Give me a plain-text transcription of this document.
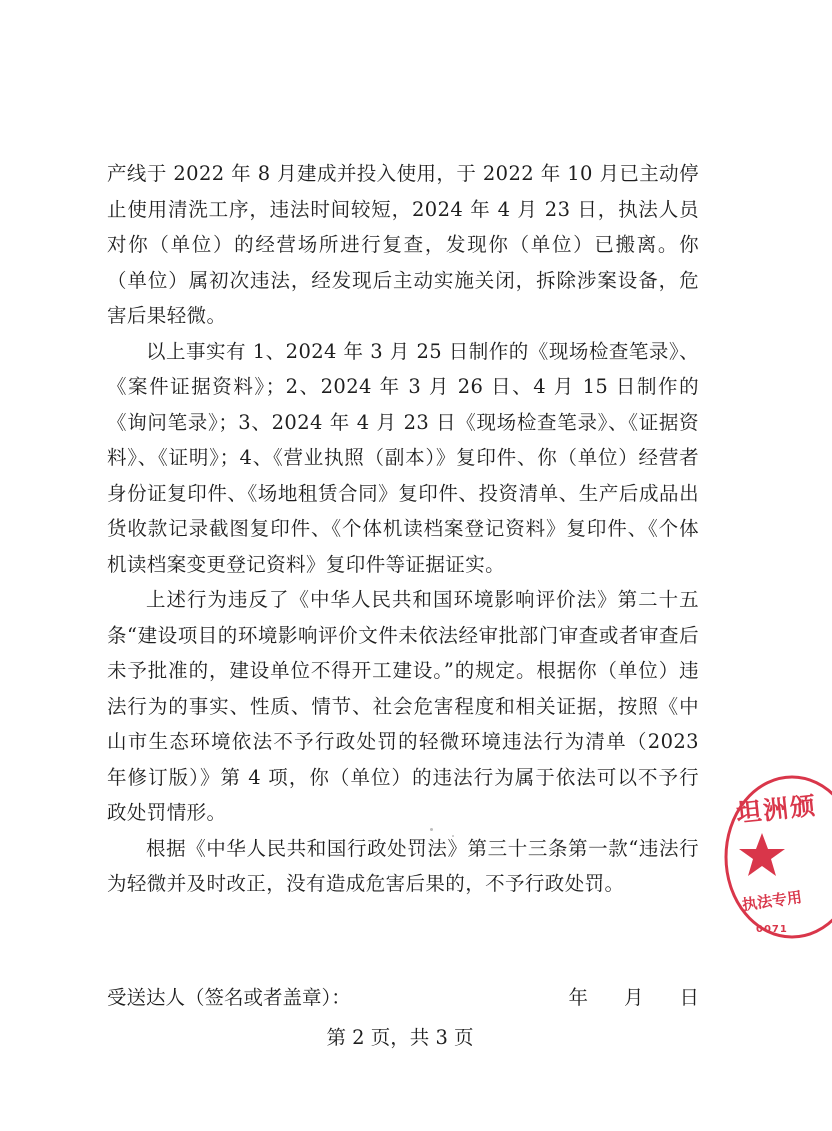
产线于 2022 年 8 月建成并投入使用，于 2022 年 10 月已主动停止使用清洗工序，违法时间较短，2024 年 4 月 23 日，执法人员对你（单位）的经营场所进行复查，发现你（单位）已搬离。你（单位）属初次违法，经发现后主动实施关闭，拆除涉案设备，危害后果轻微。

以上事实有 1、2024 年 3 月 25 日制作的《现场检查笔录》、《案件证据资料》；2、2024 年 3 月 26 日、4 月 15 日制作的《询问笔录》；3、2024 年 4 月 23 日《现场检查笔录》、《证据资料》、《证明》；4、《营业执照（副本）》复印件、你（单位）经营者身份证复印件、《场地租赁合同》复印件、投资清单、生产后成品出货收款记录截图复印件、《个体机读档案登记资料》复印件、《个体机读档案变更登记资料》复印件等证据证实。

上述行为违反了《中华人民共和国环境影响评价法》第二十五条“建设项目的环境影响评价文件未依法经审批部门审查或者审查后未予批准的，建设单位不得开工建设。”的规定。根据你（单位）违法行为的事实、性质、情节、社会危害程度和相关证据，按照《中山市生态环境依法不予行政处罚的轻微环境违法行为清单（2023 年修订版）》第 4 项，你（单位）的违法行为属于依法可以不予行政处罚情形。

根据《中华人民共和国行政处罚法》第三十三条第一款“违法行为轻微并及时改正，没有造成危害后果的，不予行政处罚。

受送达人（签名或者盖章）：	年 月 日
第 2 页，共 3 页
坦洲颁
执法专用
0071
